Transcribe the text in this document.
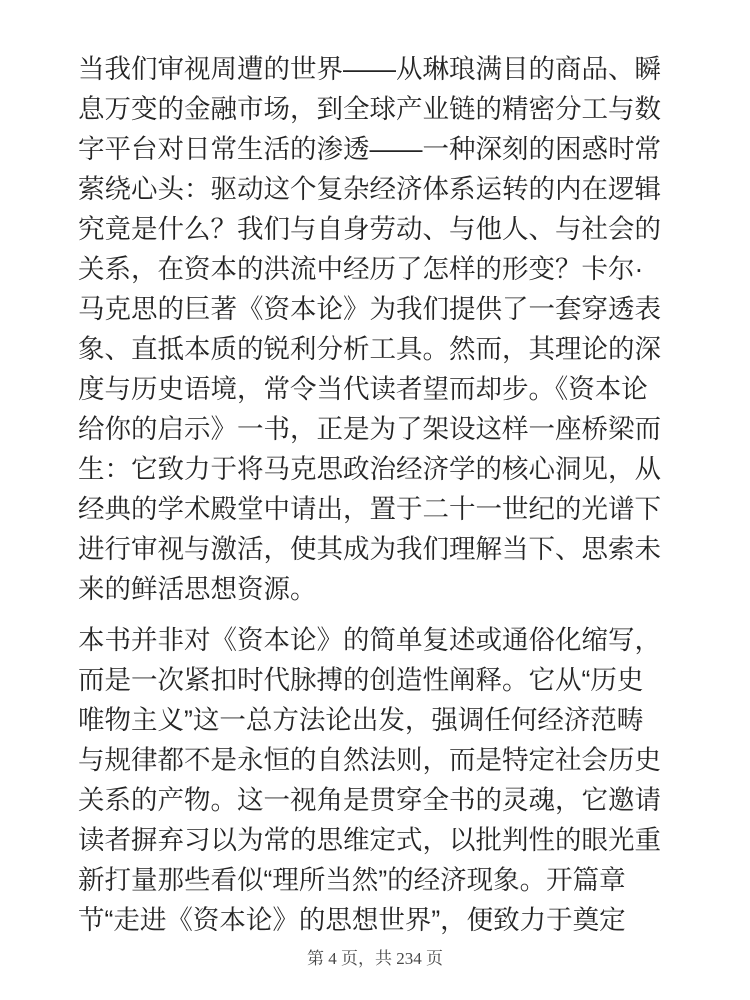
当我们审视周遭的世界——从琳琅满目的商品、瞬息万变的金融市场，到全球产业链的精密分工与数字平台对日常生活的渗透——一种深刻的困惑时常萦绕心头：驱动这个复杂经济体系运转的内在逻辑究竟是什么？我们与自身劳动、与他人、与社会的关系，在资本的洪流中经历了怎样的形变？卡尔·马克思的巨著《资本论》为我们提供了一套穿透表象、直抵本质的锐利分析工具。然而，其理论的深度与历史语境，常令当代读者望而却步。《资本论给你的启示》一书，正是为了架设这样一座桥梁而生：它致力于将马克思政治经济学的核心洞见，从经典的学术殿堂中请出，置于二十一世纪的光谱下进行审视与激活，使其成为我们理解当下、思索未来的鲜活思想资源。

本书并非对《资本论》的简单复述或通俗化缩写，而是一次紧扣时代脉搏的创造性阐释。它从“历史唯物主义”这一总方法论出发，强调任何经济范畴与规律都不是永恒的自然法则，而是特定社会历史关系的产物。这一视角是贯穿全书的灵魂，它邀请读者摒弃习以为常的思维定式，以批判性的眼光重新打量那些看似“理所当然”的经济现象。开篇章节“走进《资本论》的思想世界”，便致力于奠定

第 4 页，共 234 页
